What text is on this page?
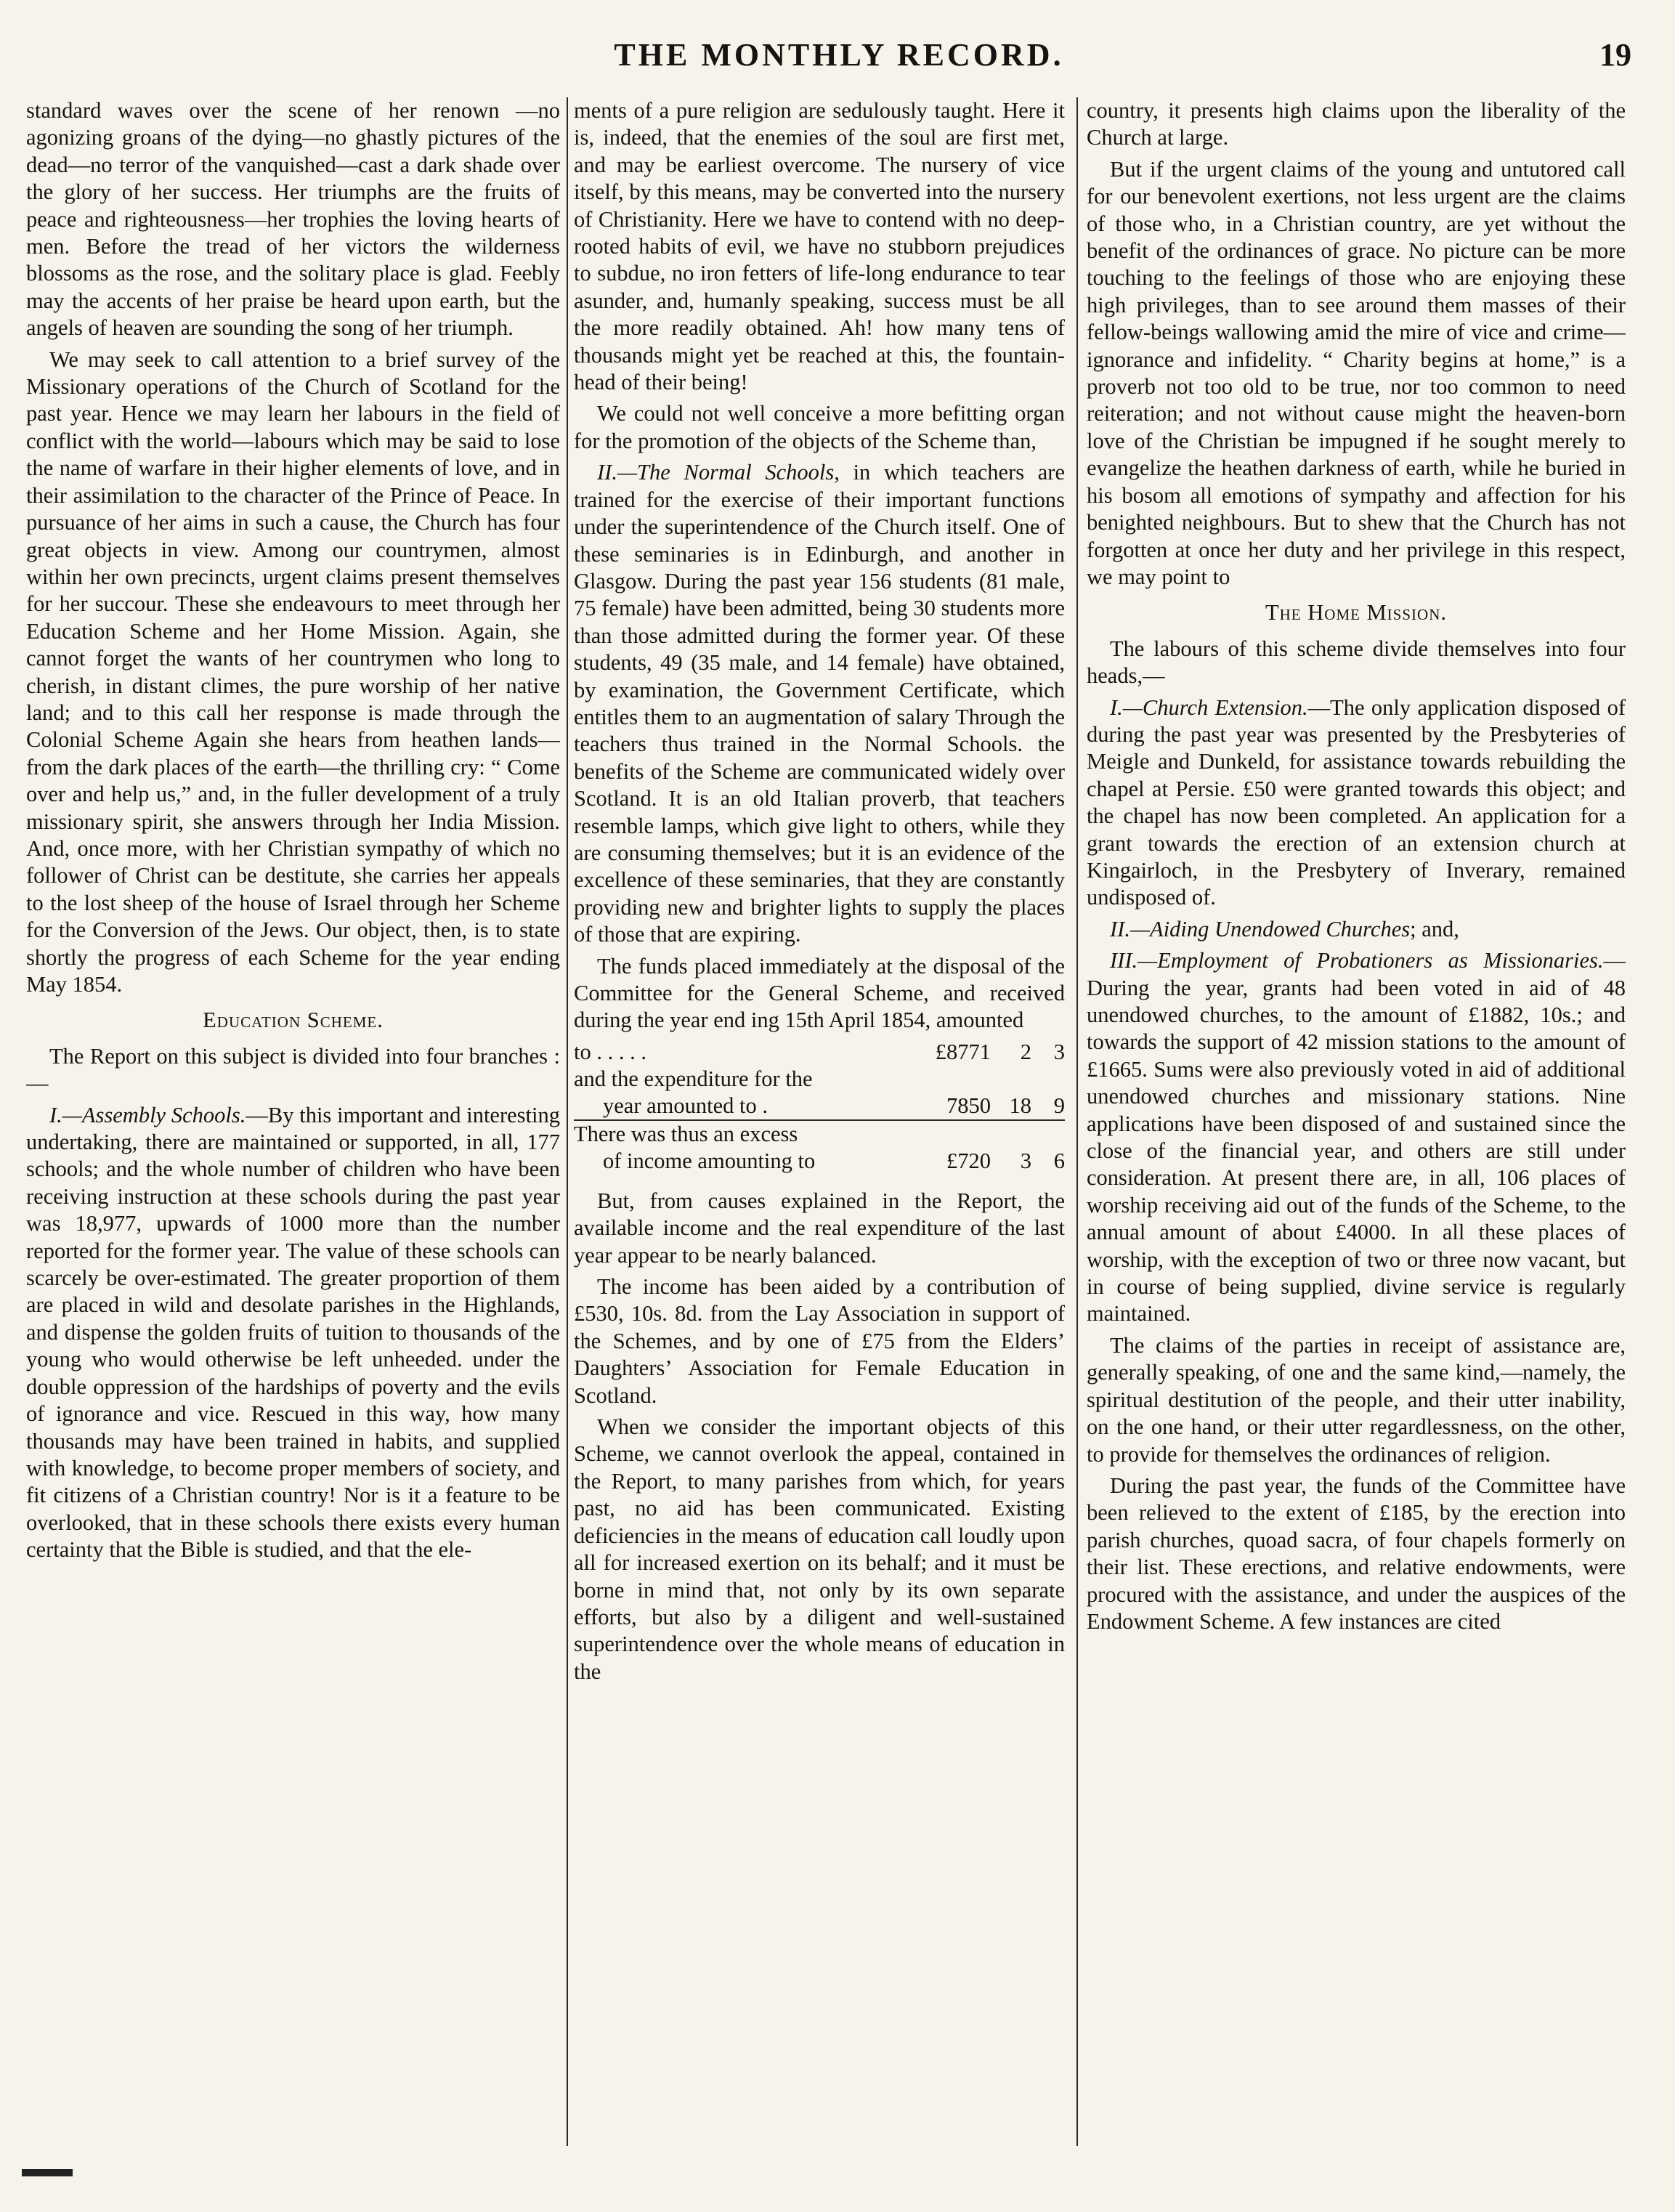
THE MONTHLY RECORD.	19

standard waves over the scene of her renown —no agonizing groans of the dying—no ghastly pictures of the dead—no terror of the vanquished—cast a dark shade over the glory of her success. Her triumphs are the fruits of peace and righteousness—her trophies the loving hearts of men. Before the tread of her victors the wilderness blossoms as the rose, and the solitary place is glad. Feebly may the accents of her praise be heard upon earth, but the angels of heaven are sounding the song of her triumph.

We may seek to call attention to a brief survey of the Missionary operations of the Church of Scotland for the past year. Hence we may learn her labours in the field of conflict with the world—labours which may be said to lose the name of warfare in their higher elements of love, and in their assimilation to the character of the Prince of Peace. In pursuance of her aims in such a cause, the Church has four great objects in view. Among our countrymen, almost within her own precincts, urgent claims present themselves for her succour. These she endeavours to meet through her Education Scheme and her Home Mission. Again, she cannot forget the wants of her countrymen who long to cherish, in distant climes, the pure worship of her native land; and to this call her response is made through the Colonial Scheme Again she hears from heathen lands—from the dark places of the earth—the thrilling cry: “ Come over and help us,” and, in the fuller development of a truly missionary spirit, she answers through her India Mission. And, once more, with her Christian sympathy of which no follower of Christ can be destitute, she carries her appeals to the lost sheep of the house of Israel through her Scheme for the Conversion of the Jews. Our object, then, is to state shortly the progress of each Scheme for the year ending May 1854.

Education Scheme.

The Report on this subject is divided into four branches :—

I.—Assembly Schools.—By this important and interesting undertaking, there are maintained or supported, in all, 177 schools; and the whole number of children who have been receiving instruction at these schools during the past year was 18,977, upwards of 1000 more than the number reported for the former year. The value of these schools can scarcely be over-estimated. The greater proportion of them are placed in wild and desolate parishes in the Highlands, and dispense the golden fruits of tuition to thousands of the young who would otherwise be left unheeded. under the double oppression of the hardships of poverty and the evils of ignorance and vice. Rescued in this way, how many thousands may have been trained in habits, and supplied with knowledge, to become proper members of society, and fit citizens of a Christian country! Nor is it a feature to be overlooked, that in these schools there exists every human certainty that the Bible is studied, and that the ele-

ments of a pure religion are sedulously taught. Here it is, indeed, that the enemies of the soul are first met, and may be earliest overcome. The nursery of vice itself, by this means, may be converted into the nursery of Christianity. Here we have to contend with no deep-rooted habits of evil, we have no stubborn prejudices to subdue, no iron fetters of life-long endurance to tear asunder, and, humanly speaking, success must be all the more readily obtained. Ah! how many tens of thousands might yet be reached at this, the fountain-head of their being!

We could not well conceive a more befitting organ for the promotion of the objects of the Scheme than,

II.—The Normal Schools, in which teachers are trained for the exercise of their important functions under the superintendence of the Church itself. One of these seminaries is in Edinburgh, and another in Glasgow. During the past year 156 students (81 male, 75 female) have been admitted, being 30 students more than those admitted during the former year. Of these students, 49 (35 male, and 14 female) have obtained, by examination, the Government Certificate, which entitles them to an augmentation of salary Through the teachers thus trained in the Normal Schools. the benefits of the Scheme are communicated widely over Scotland. It is an old Italian proverb, that teachers resemble lamps, which give light to others, while they are consuming themselves; but it is an evidence of the excellence of these seminaries, that they are constantly providing new and brighter lights to supply the places of those that are expiring.

The funds placed immediately at the disposal of the Committee for the General Scheme, and received during the year end ing 15th April 1854, amounted

to . . . . .	£8771	2	3
and the expenditure for the			
year amounted to .	7850	18	9
There was thus an excess			
of income amounting to	£720	3	6

But, from causes explained in the Report, the available income and the real expenditure of the last year appear to be nearly balanced.

The income has been aided by a contribution of £530, 10s. 8d. from the Lay Association in support of the Schemes, and by one of £75 from the Elders’ Daughters’ Association for Female Education in Scotland.

When we consider the important objects of this Scheme, we cannot overlook the appeal, contained in the Report, to many parishes from which, for years past, no aid has been communicated. Existing deficiencies in the means of education call loudly upon all for increased exertion on its behalf; and it must be borne in mind that, not only by its own separate efforts, but also by a diligent and well-sustained superintendence over the whole means of education in the

country, it presents high claims upon the liberality of the Church at large.

But if the urgent claims of the young and untutored call for our benevolent exertions, not less urgent are the claims of those who, in a Christian country, are yet without the benefit of the ordinances of grace. No picture can be more touching to the feelings of those who are enjoying these high privileges, than to see around them masses of their fellow-beings wallowing amid the mire of vice and crime—ignorance and infidelity. “ Charity begins at home,” is a proverb not too old to be true, nor too common to need reiteration; and not without cause might the heaven-born love of the Christian be impugned if he sought merely to evangelize the heathen darkness of earth, while he buried in his bosom all emotions of sympathy and affection for his benighted neighbours. But to shew that the Church has not forgotten at once her duty and her privilege in this respect, we may point to

The Home Mission.

The labours of this scheme divide themselves into four heads,—

I.—Church Extension.—The only application disposed of during the past year was presented by the Presbyteries of Meigle and Dunkeld, for assistance towards rebuilding the chapel at Persie. £50 were granted towards this object; and the chapel has now been completed. An application for a grant towards the erection of an extension church at Kingairloch, in the Presbytery of Inverary, remained undisposed of.

II.—Aiding Unendowed Churches; and,

III.—Employment of Probationers as Missionaries.—During the year, grants had been voted in aid of 48 unendowed churches, to the amount of £1882, 10s.; and towards the support of 42 mission stations to the amount of £1665. Sums were also previously voted in aid of additional unendowed churches and missionary stations. Nine applications have been disposed of and sustained since the close of the financial year, and others are still under consideration. At present there are, in all, 106 places of worship receiving aid out of the funds of the Scheme, to the annual amount of about £4000. In all these places of worship, with the exception of two or three now vacant, but in course of being supplied, divine service is regularly maintained.

The claims of the parties in receipt of assistance are, generally speaking, of one and the same kind,—namely, the spiritual destitution of the people, and their utter inability, on the one hand, or their utter regardlessness, on the other, to provide for themselves the ordinances of religion.

During the past year, the funds of the Committee have been relieved to the extent of £185, by the erection into parish churches, quoad sacra, of four chapels formerly on their list. These erections, and relative endowments, were procured with the assistance, and under the auspices of the Endowment Scheme. A few instances are cited
